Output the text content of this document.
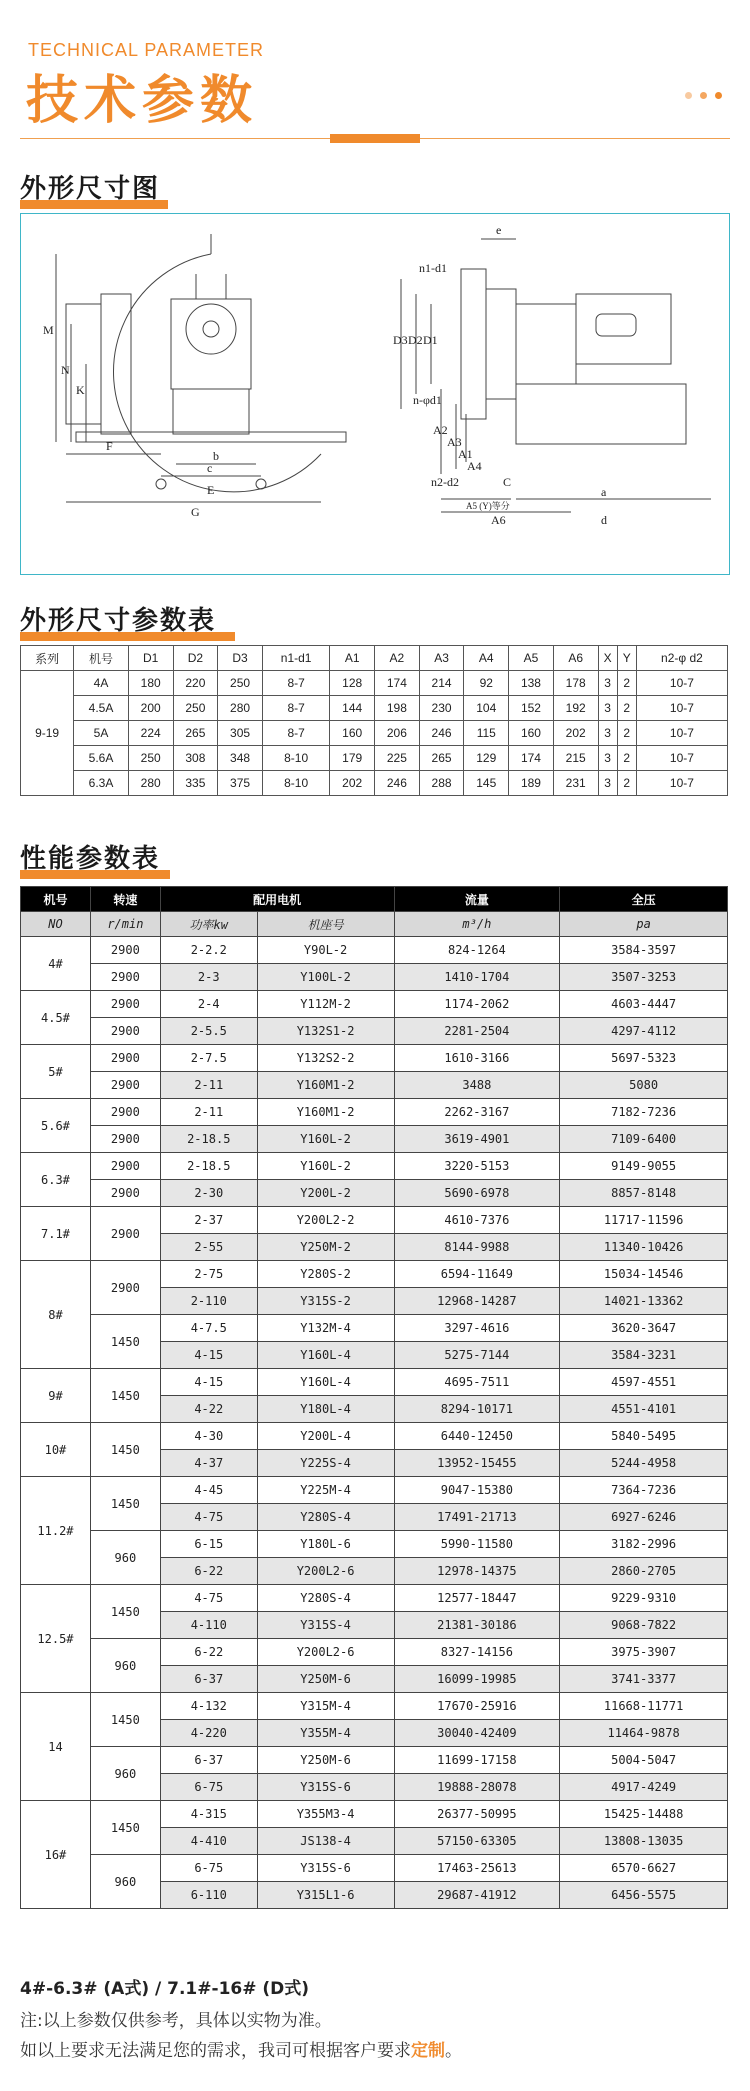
TECHNICAL PARAMETER
技术参数
外形尺寸图
M
N
K
F
b
c
E
G
e
n1-d1
D3 D2 D1
n-φd1
A2
A3
A1
A4
n2-d2	C
A5 (Y)等分
A6
a
d
外形尺寸参数表
系列	机号	D1	D2	D3	n1-d1	A1	A2	A3	A4	A5	A6	X	Y	n2-φ d2
9-19	4A	180	220	250	8-7	128	174	214	92	138	178	3	2	10-7
	4.5A	200	250	280	8-7	144	198	230	104	152	192	3	2	10-7
	5A	224	265	305	8-7	160	206	246	115	160	202	3	2	10-7
	5.6A	250	308	348	8-10	179	225	265	129	174	215	3	2	10-7
	6.3A	280	335	375	8-10	202	246	288	145	189	231	3	2	10-7
性能参数表
机号	转速	配用电机		流量	全压
NO	r/min	功率kw	机座号	m³/h	pa
4#	2900	2-2.2	Y90L-2	824-1264	3584-3597
	2900	2-3	Y100L-2	1410-1704	3507-3253
4.5#	2900	2-4	Y112M-2	1174-2062	4603-4447
	2900	2-5.5	Y132S1-2	2281-2504	4297-4112
5#	2900	2-7.5	Y132S2-2	1610-3166	5697-5323
	2900	2-11	Y160M1-2	3488	5080
5.6#	2900	2-11	Y160M1-2	2262-3167	7182-7236
	2900	2-18.5	Y160L-2	3619-4901	7109-6400
6.3#	2900	2-18.5	Y160L-2	3220-5153	9149-9055
	2900	2-30	Y200L-2	5690-6978	8857-8148
7.1#	2900	2-37	Y200L2-2	4610-7376	11717-11596
		2-55	Y250M-2	8144-9988	11340-10426
8#	2900	2-75	Y280S-2	6594-11649	15034-14546
		2-110	Y315S-2	12968-14287	14021-13362
	1450	4-7.5	Y132M-4	3297-4616	3620-3647
		4-15	Y160L-4	5275-7144	3584-3231
9#	1450	4-15	Y160L-4	4695-7511	4597-4551
		4-22	Y180L-4	8294-10171	4551-4101
10#	1450	4-30	Y200L-4	6440-12450	5840-5495
		4-37	Y225S-4	13952-15455	5244-4958
11.2#	1450	4-45	Y225M-4	9047-15380	7364-7236
		4-75	Y280S-4	17491-21713	6927-6246
	960	6-15	Y180L-6	5990-11580	3182-2996
		6-22	Y200L2-6	12978-14375	2860-2705
12.5#	1450	4-75	Y280S-4	12577-18447	9229-9310
		4-110	Y315S-4	21381-30186	9068-7822
	960	6-22	Y200L2-6	8327-14156	3975-3907
		6-37	Y250M-6	16099-19985	3741-3377
14	1450	4-132	Y315M-4	17670-25916	11668-11771
		4-220	Y355M-4	30040-42409	11464-9878
	960	6-37	Y250M-6	11699-17158	5004-5047
		6-75	Y315S-6	19888-28078	4917-4249
16#	1450	4-315	Y355M3-4	26377-50995	15425-14488
		4-410	JS138-4	57150-63305	13808-13035
	960	6-75	Y315S-6	17463-25613	6570-6627
		6-110	Y315L1-6	29687-41912	6456-5575
4#-6.3# (A式) / 7.1#-16# (D式)
注:以上参数仅供参考，具体以实物为准。
如以上要求无法满足您的需求，我司可根据客户要求定制。
